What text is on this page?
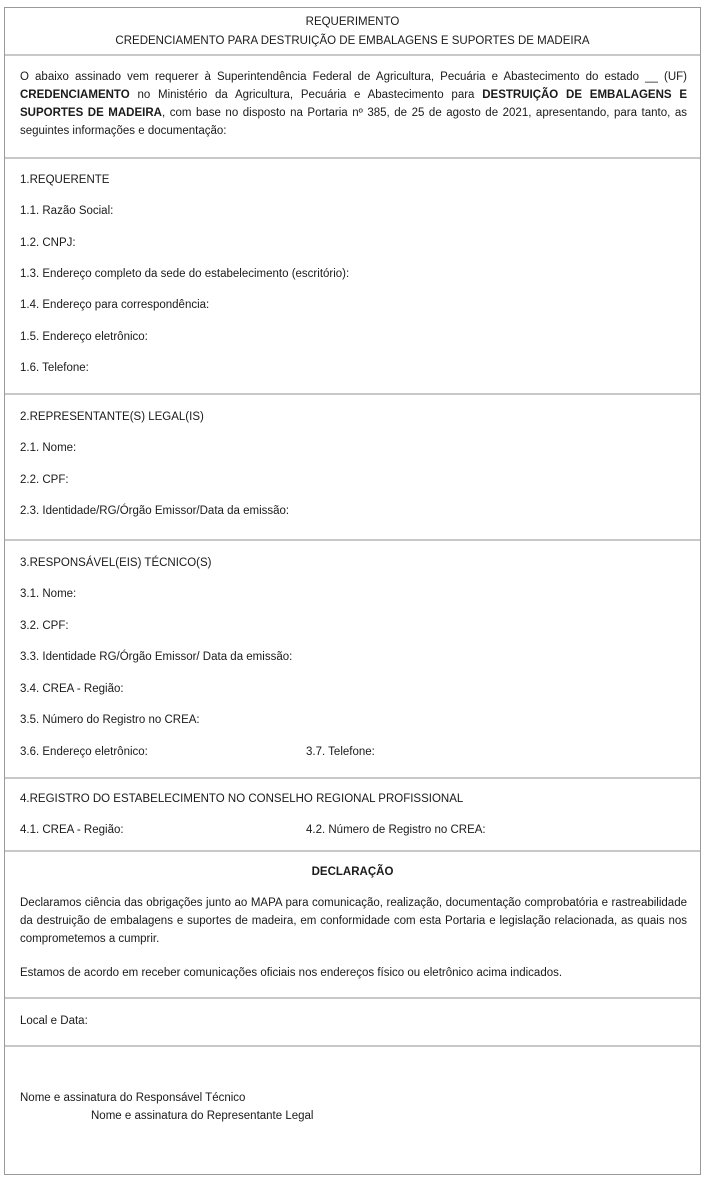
REQUERIMENTO
CREDENCIAMENTO PARA DESTRUIÇÃO DE EMBALAGENS E SUPORTES DE MADEIRA
O abaixo assinado vem requerer à Superintendência Federal de Agricultura, Pecuária e Abastecimento do estado __ (UF) CREDENCIAMENTO no Ministério da Agricultura, Pecuária e Abastecimento para DESTRUIÇÃO DE EMBALAGENS E SUPORTES DE MADEIRA, com base no disposto na Portaria nº 385, de 25 de agosto de 2021, apresentando, para tanto, as seguintes informações e documentação:
1.REQUERENTE
1.1. Razão Social:
1.2. CNPJ:
1.3. Endereço completo da sede do estabelecimento (escritório):
1.4. Endereço para correspondência:
1.5. Endereço eletrônico:
1.6. Telefone:
2.REPRESENTANTE(S) LEGAL(IS)
2.1. Nome:
2.2. CPF:
2.3. Identidade/RG/Órgão Emissor/Data da emissão:
3.RESPONSÁVEL(EIS) TÉCNICO(S)
3.1. Nome:
3.2. CPF:
3.3. Identidade RG/Órgão Emissor/ Data da emissão:
3.4. CREA - Região:
3.5. Número do Registro no CREA:
3.6. Endereço eletrônico:	3.7. Telefone:
4.REGISTRO DO ESTABELECIMENTO NO CONSELHO REGIONAL PROFISSIONAL
4.1. CREA - Região:	4.2. Número de Registro no CREA:
DECLARAÇÃO
Declaramos ciência das obrigações junto ao MAPA para comunicação, realização, documentação comprobatória e rastreabilidade da destruição de embalagens e suportes de madeira, em conformidade com esta Portaria e legislação relacionada, as quais nos comprometemos a cumprir.
Estamos de acordo em receber comunicações oficiais nos endereços físico ou eletrônico acima indicados.
Local e Data:
Nome e assinatura do Responsável Técnico
Nome e assinatura do Representante Legal
